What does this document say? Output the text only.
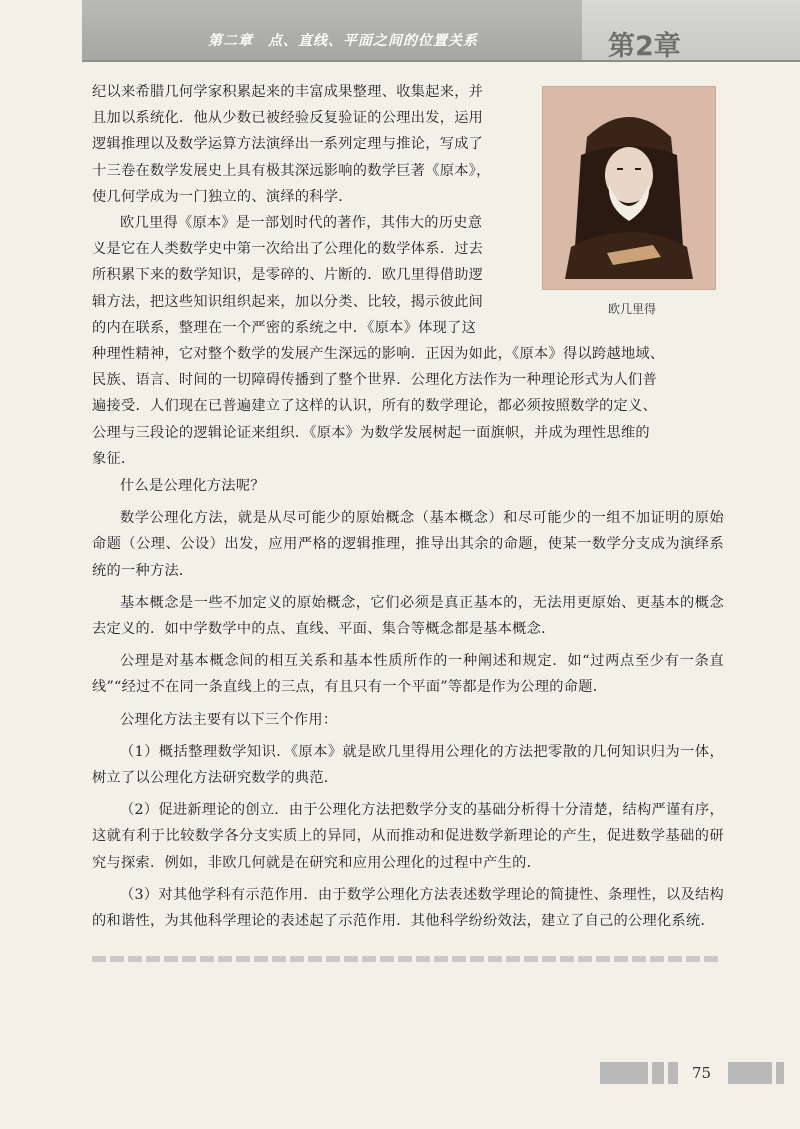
第二章　点、直线、平面之间的位置关系	第2章
欧几里得
纪以来希腊几何学家积累起来的丰富成果整理、收集起来，并
且加以系统化．他从少数已被经验反复验证的公理出发，运用
逻辑推理以及数学运算方法演绎出一系列定理与推论，写成了
十三卷在数学发展史上具有极其深远影响的数学巨著《原本》，
使几何学成为一门独立的、演绎的科学．
欧几里得《原本》是一部划时代的著作，其伟大的历史意
义是它在人类数学史中第一次给出了公理化的数学体系．过去
所积累下来的数学知识，是零碎的、片断的．欧几里得借助逻
辑方法，把这些知识组织起来，加以分类、比较，揭示彼此间
的内在联系，整理在一个严密的系统之中．《原本》体现了这
种理性精神，它对整个数学的发展产生深远的影响．正因为如此，《原本》得以跨越地域、
民族、语言、时间的一切障碍传播到了整个世界．公理化方法作为一种理论形式为人们普
遍接受．人们现在已普遍建立了这样的认识，所有的数学理论，都必须按照数学的定义、
公理与三段论的逻辑论证来组织．《原本》为数学发展树起一面旗帜，并成为理性思维的
象征．

什么是公理化方法呢？

数学公理化方法，就是从尽可能少的原始概念（基本概念）和尽可能少的一组不加证明的原始命题（公理、公设）出发，应用严格的逻辑推理，推导出其余的命题，使某一数学分支成为演绎系统的一种方法．

基本概念是一些不加定义的原始概念，它们必须是真正基本的，无法用更原始、更基本的概念去定义的．如中学数学中的点、直线、平面、集合等概念都是基本概念．

公理是对基本概念间的相互关系和基本性质所作的一种阐述和规定．如“过两点至少有一条直线”“经过不在同一条直线上的三点，有且只有一个平面”等都是作为公理的命题．

公理化方法主要有以下三个作用：

（1）概括整理数学知识．《原本》就是欧几里得用公理化的方法把零散的几何知识归为一体，树立了以公理化方法研究数学的典范．

（2）促进新理论的创立．由于公理化方法把数学分支的基础分析得十分清楚，结构严谨有序，这就有利于比较数学各分支实质上的异同，从而推动和促进数学新理论的产生，促进数学基础的研究与探索．例如，非欧几何就是在研究和应用公理化的过程中产生的．

（3）对其他学科有示范作用．由于数学公理化方法表述数学理论的简捷性、条理性，以及结构的和谐性，为其他科学理论的表述起了示范作用．其他科学纷纷效法，建立了自己的公理化系统．

75
